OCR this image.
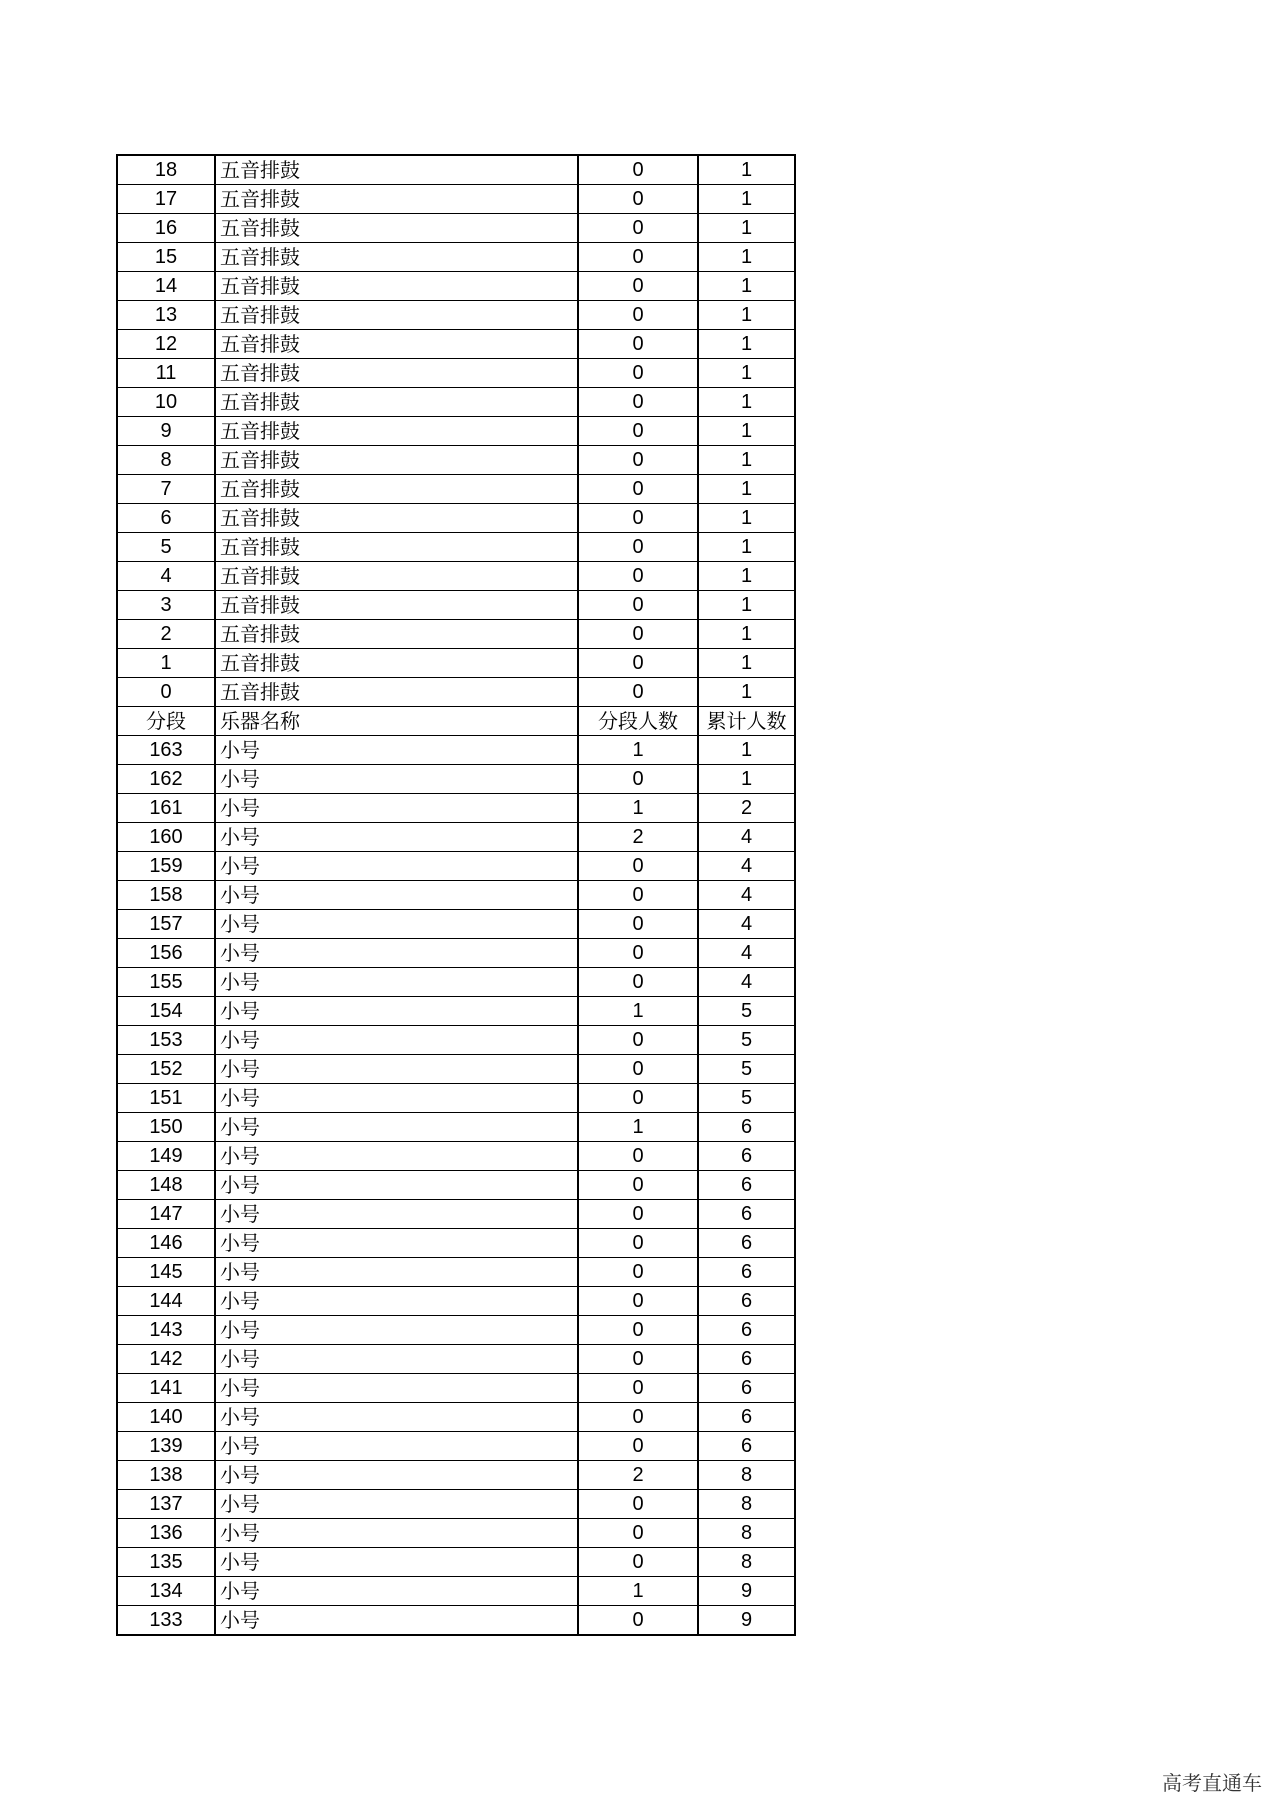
18	五音排鼓	0	1
17	五音排鼓	0	1
16	五音排鼓	0	1
15	五音排鼓	0	1
14	五音排鼓	0	1
13	五音排鼓	0	1
12	五音排鼓	0	1
11	五音排鼓	0	1
10	五音排鼓	0	1
9	五音排鼓	0	1
8	五音排鼓	0	1
7	五音排鼓	0	1
6	五音排鼓	0	1
5	五音排鼓	0	1
4	五音排鼓	0	1
3	五音排鼓	0	1
2	五音排鼓	0	1
1	五音排鼓	0	1
0	五音排鼓	0	1
分段	乐器名称	分段人数	累计人数
163	小号	1	1
162	小号	0	1
161	小号	1	2
160	小号	2	4
159	小号	0	4
158	小号	0	4
157	小号	0	4
156	小号	0	4
155	小号	0	4
154	小号	1	5
153	小号	0	5
152	小号	0	5
151	小号	0	5
150	小号	1	6
149	小号	0	6
148	小号	0	6
147	小号	0	6
146	小号	0	6
145	小号	0	6
144	小号	0	6
143	小号	0	6
142	小号	0	6
141	小号	0	6
140	小号	0	6
139	小号	0	6
138	小号	2	8
137	小号	0	8
136	小号	0	8
135	小号	0	8
134	小号	1	9
133	小号	0	9
高考直通车
